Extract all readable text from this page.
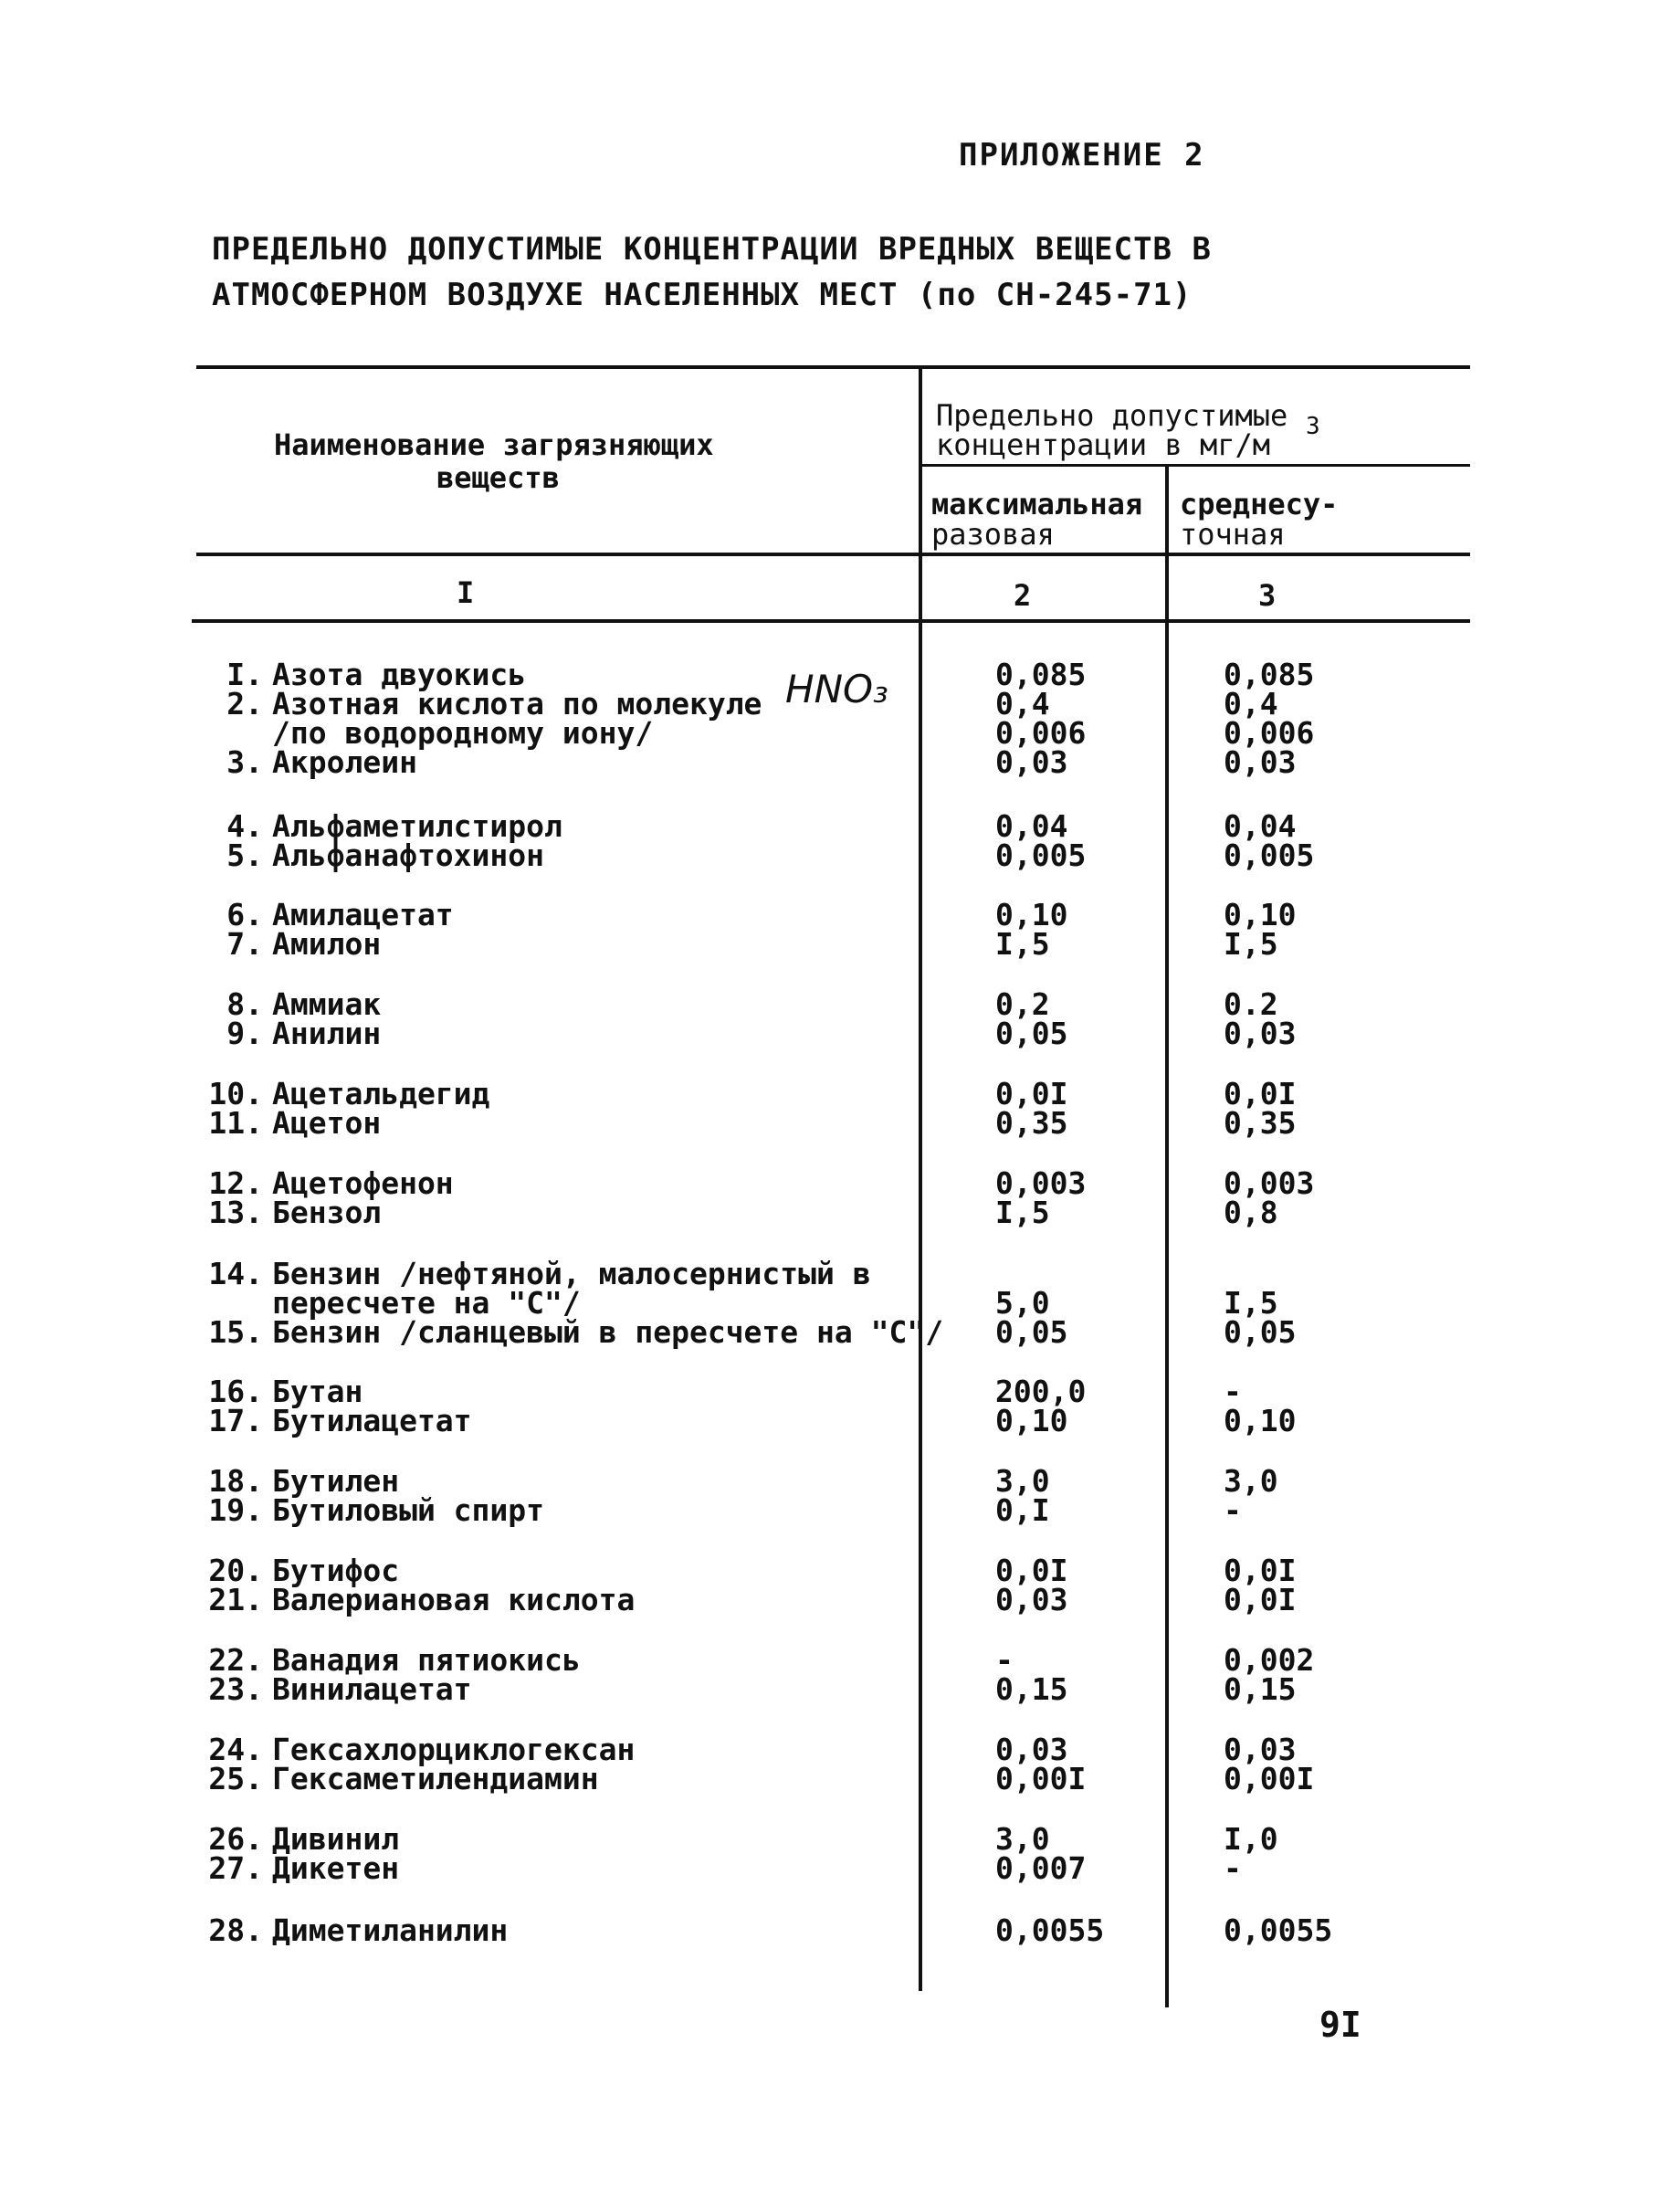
ПРИЛОЖЕНИЕ 2
ПРЕДЕЛЬНО ДОПУСТИМЫЕ КОНЦЕНТРАЦИИ ВРЕДНЫХ ВЕЩЕСТВ В
АТМОСФЕРНОМ ВОЗДУХЕ НАСЕЛЕННЫХ МЕСТ (по СН-245-71)
Наименование загрязняющих
веществ
Предельно допустимые
концентрации в мг/м
3
максимальная
разовая
среднесу-
точная
I	2	3
HNO₃
I. Азота двуокись	0,085	0,085
2. Азотная кислота по молекуле	0,4	0,4
/по водородному иону/	0,006	0,006
3. Акролеин	0,03	0,03
4. Альфаметилстирол	0,04	0,04
5. Альфанафтохинон	0,005	0,005
6. Амилацетат	0,10	0,10
7. Амилон	I,5	I,5
8. Аммиак	0,2	0.2
9. Анилин	0,05	0,03
10. Ацетальдегид	0,0I	0,0I
11. Ацетон	0,35	0,35
12. Ацетофенон	0,003	0,003
13. Бензол	I,5	0,8
14. Бензин /нефтяной, малосернистый в
пересчете на "C"/	5,0	I,5
15. Бензин /сланцевый в пересчете на "C"/ 0,05	0,05
16. Бутан	200,0	-
17. Бутилацетат	0,10	0,10
18. Бутилен	3,0	3,0
19. Бутиловый спирт	0,I	-
20. Бутифос	0,0I	0,0I
21. Валериановая кислота	0,03	0,0I
22. Ванадия пятиокись	-	0,002
23. Винилацетат	0,15	0,15
24. Гексахлорциклогексан	0,03	0,03
25. Гексаметилендиамин	0,00I	0,00I
26. Дивинил	3,0	I,0
27. Дикетен	0,007	-
28. Диметиланилин	0,0055	0,0055
9I
